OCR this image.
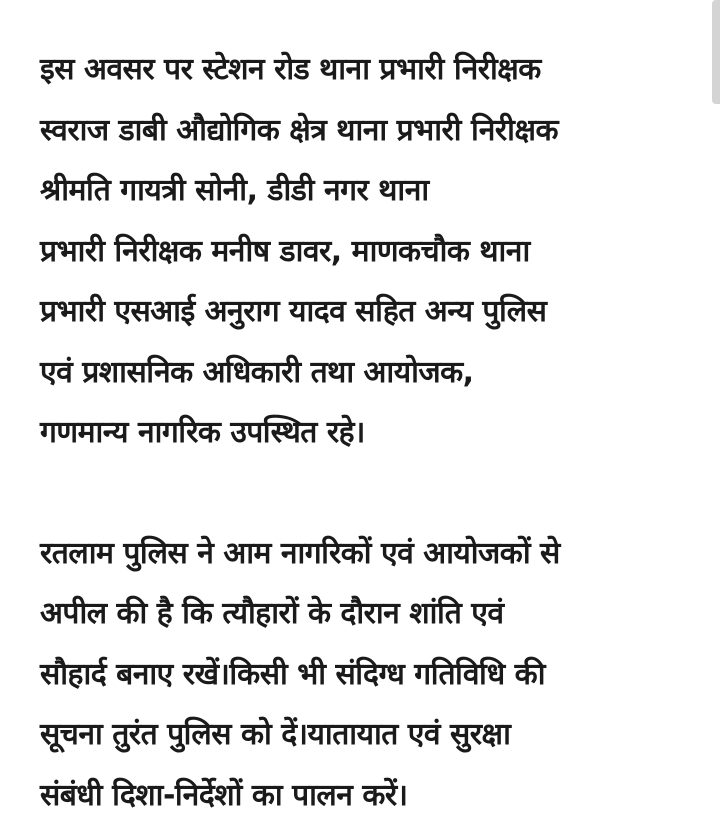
इस अवसर पर स्टेशन रोड थाना प्रभारी निरीक्षक
स्वराज डाबी औद्योगिक क्षेत्र थाना प्रभारी निरीक्षक
श्रीमति गायत्री सोनी, डीडी नगर थाना
प्रभारी निरीक्षक मनीष डावर, माणकचौक थाना
प्रभारी एसआई अनुराग यादव सहित अन्य पुलिस
एवं प्रशासनिक अधिकारी तथा आयोजक,
गणमान्य नागरिक उपस्थित रहे।

रतलाम पुलिस ने आम नागरिकों एवं आयोजकों से
अपील की है कि त्यौहारों के दौरान शांति एवं
सौहार्द बनाए रखें।किसी भी संदिग्ध गतिविधि की
सूचना तुरंत पुलिस को दें।यातायात एवं सुरक्षा
संबंधी दिशा-निर्देशों का पालन करें।
